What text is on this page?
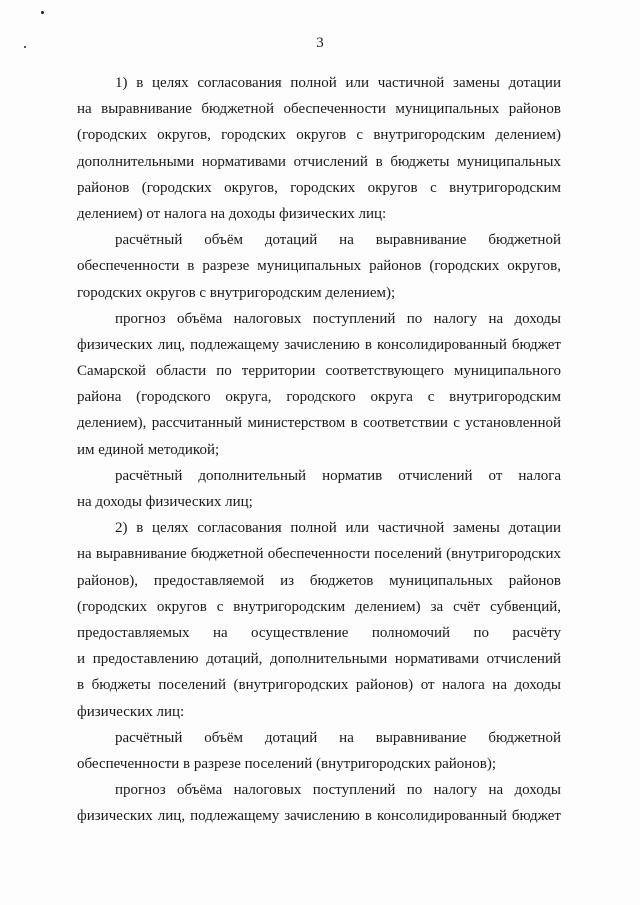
3
1) в целях согласования полной или частичной замены дотации
на выравнивание бюджетной обеспеченности муниципальных районов
(городских округов, городских округов с внутригородским делением)
дополнительными нормативами отчислений в бюджеты муниципальных
районов (городских округов, городских округов с внутригородским
делением) от налога на доходы физических лиц:
расчётный объём дотаций на выравнивание бюджетной
обеспеченности в разрезе муниципальных районов (городских округов,
городских округов с внутригородским делением);
прогноз объёма налоговых поступлений по налогу на доходы
физических лиц, подлежащему зачислению в консолидированный бюджет
Самарской области по территории соответствующего муниципального
района (городского округа, городского округа с внутригородским
делением), рассчитанный министерством в соответствии с установленной
им единой методикой;
расчётный дополнительный норматив отчислений от налога
на доходы физических лиц;
2) в целях согласования полной или частичной замены дотации
на выравнивание бюджетной обеспеченности поселений (внутригородских
районов), предоставляемой из бюджетов муниципальных районов
(городских округов с внутригородским делением) за счёт субвенций,
предоставляемых на осуществление полномочий по расчёту
и предоставлению дотаций, дополнительными нормативами отчислений
в бюджеты поселений (внутригородских районов) от налога на доходы
физических лиц:
расчётный объём дотаций на выравнивание бюджетной
обеспеченности в разрезе поселений (внутригородских районов);
прогноз объёма налоговых поступлений по налогу на доходы
физических лиц, подлежащему зачислению в консолидированный бюджет
